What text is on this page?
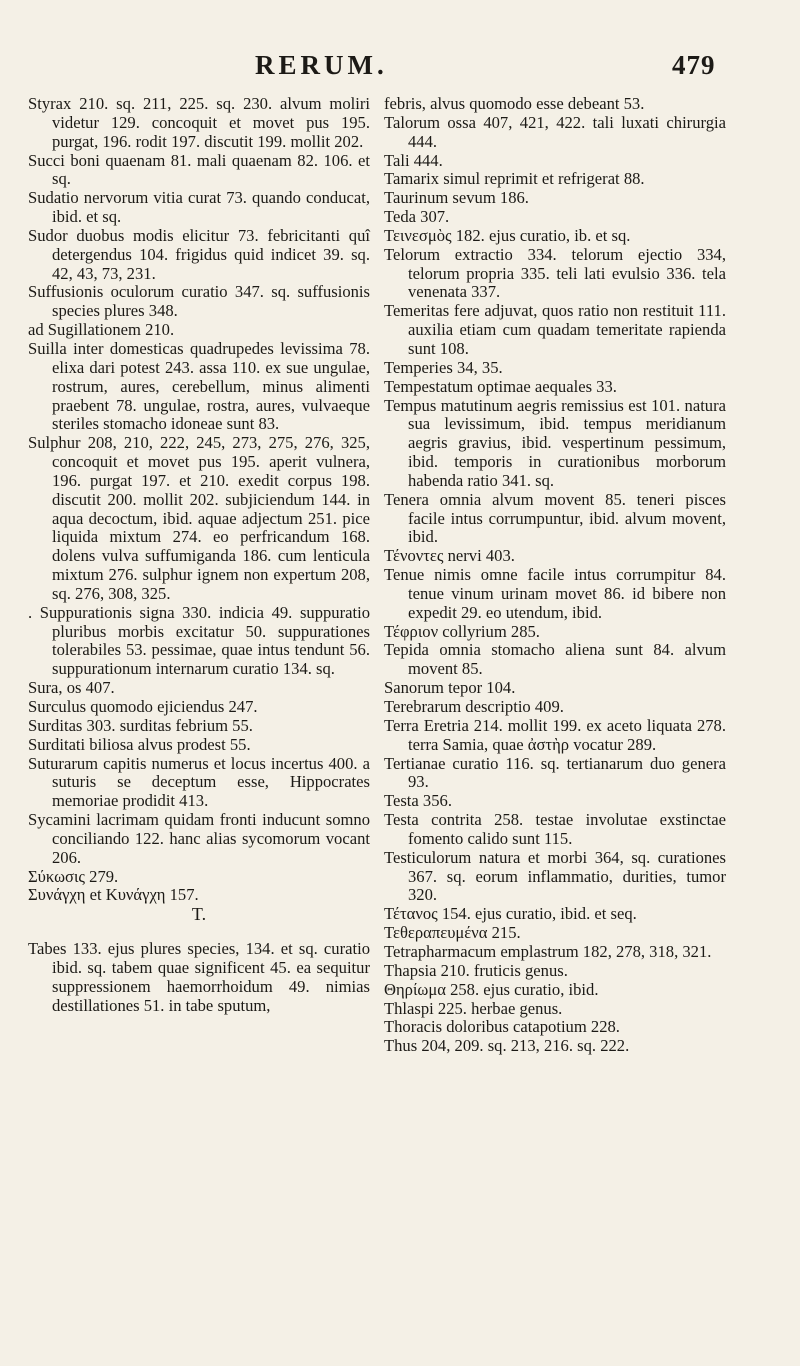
RERUM.	479
Styrax 210. sq. 211, 225. sq. 230. alvum moliri videtur 129. concoquit et movet pus 195. purgat, 196. rodit 197. discutit 199. mollit 202.
Succi boni quaenam 81. mali quaenam 82. 106. et sq.
Sudatio nervorum vitia curat 73. quando conducat, ibid. et sq.
Sudor duobus modis elicitur 73. febricitanti quî detergendus 104. frigidus quid indicet 39. sq. 42, 43, 73, 231.
Suffusionis oculorum curatio 347. sq. suffusionis species plures 348.
ad Sugillationem 210.
Suilla inter domesticas quadrupedes levissima 78. elixa dari potest 243. assa 110. ex sue ungulae, rostrum, aures, cerebellum, minus alimenti praebent 78. ungulae, rostra, aures, vulvaeque steriles stomacho idoneae sunt 83.
Sulphur 208, 210, 222, 245, 273, 275, 276, 325, concoquit et movet pus 195. aperit vulnera, 196. purgat 197. et 210. exedit corpus 198. discutit 200. mollit 202. subjiciendum 144. in aqua decoctum, ibid. aquae adjectum 251. pice liquida mixtum 274. eo perfricandum 168. dolens vulva suffumiganda 186. cum lenticula mixtum 276. sulphur ignem non expertum 208, sq. 276, 308, 325.
. Suppurationis signa 330. indicia 49. suppuratio pluribus morbis excitatur 50. suppurationes tolerabiles 53. pessimae, quae intus tendunt 56. suppurationum internarum curatio 134. sq.
Sura, os 407.
Surculus quomodo ejiciendus 247.
Surditas 303. surditas febrium 55.
Surditati biliosa alvus prodest 55.
Suturarum capitis numerus et locus incertus 400. a suturis se deceptum esse, Hippocrates memoriae prodidit 413.
Sycamini lacrimam quidam fronti inducunt somno conciliando 122. hanc alias sycomorum vocant 206.
Σύκωσις 279.
Συνάγχη et Κυνάγχη 157.
T.
Tabes 133. ejus plures species, 134. et sq. curatio ibid. sq. tabem quae significent 45. ea sequitur suppressionem haemorrhoidum 49. nimias destillationes 51. in tabe sputum,
febris, alvus quomodo esse debeant 53.
Talorum ossa 407, 421, 422. tali luxati chirurgia 444.
Tali 444.
Tamarix simul reprimit et refrigerat 88.
Taurinum sevum 186.
Teda 307.
Τεινεσμὸς 182. ejus curatio, ib. et sq.
Telorum extractio 334. telorum ejectio 334, telorum propria 335. teli lati evulsio 336. tela venenata 337.
Temeritas fere adjuvat, quos ratio non restituit 111. auxilia etiam cum quadam temeritate rapienda sunt 108.
Temperies 34, 35.
Tempestatum optimae aequales 33.
Tempus matutinum aegris remissius est 101. natura sua levissimum, ibid. tempus meridianum aegris gravius, ibid. vespertinum pessimum, ibid. temporis in curationibus morborum habenda ratio 341. sq.
Tenera omnia alvum movent 85. teneri pisces facile intus corrumpuntur, ibid. alvum movent, ibid.
Τένοντες nervi 403.
Tenue nimis omne facile intus corrumpitur 84. tenue vinum urinam movet 86. id bibere non expedit 29. eo utendum, ibid.
Τέφριον collyrium 285.
Tepida omnia stomacho aliena sunt 84. alvum movent 85.
Sanorum tepor 104.
Terebrarum descriptio 409.
Terra Eretria 214. mollit 199. ex aceto liquata 278. terra Samia, quae ἀστὴρ vocatur 289.
Tertianae curatio 116. sq. tertianarum duo genera 93.
Testa 356.
Testa contrita 258. testae involutae exstinctae fomento calido sunt 115.
Testiculorum natura et morbi 364, sq. curationes 367. sq. eorum inflammatio, durities, tumor 320.
Τέτανος 154. ejus curatio, ibid. et seq.
Τεθεραπευμένα 215.
Tetrapharmacum emplastrum 182, 278, 318, 321.
Thapsia 210. fruticis genus.
Θηρίωμα 258. ejus curatio, ibid.
Thlaspi 225. herbae genus.
Thoracis doloribus catapotium 228.
Thus 204, 209. sq. 213, 216. sq. 222.
